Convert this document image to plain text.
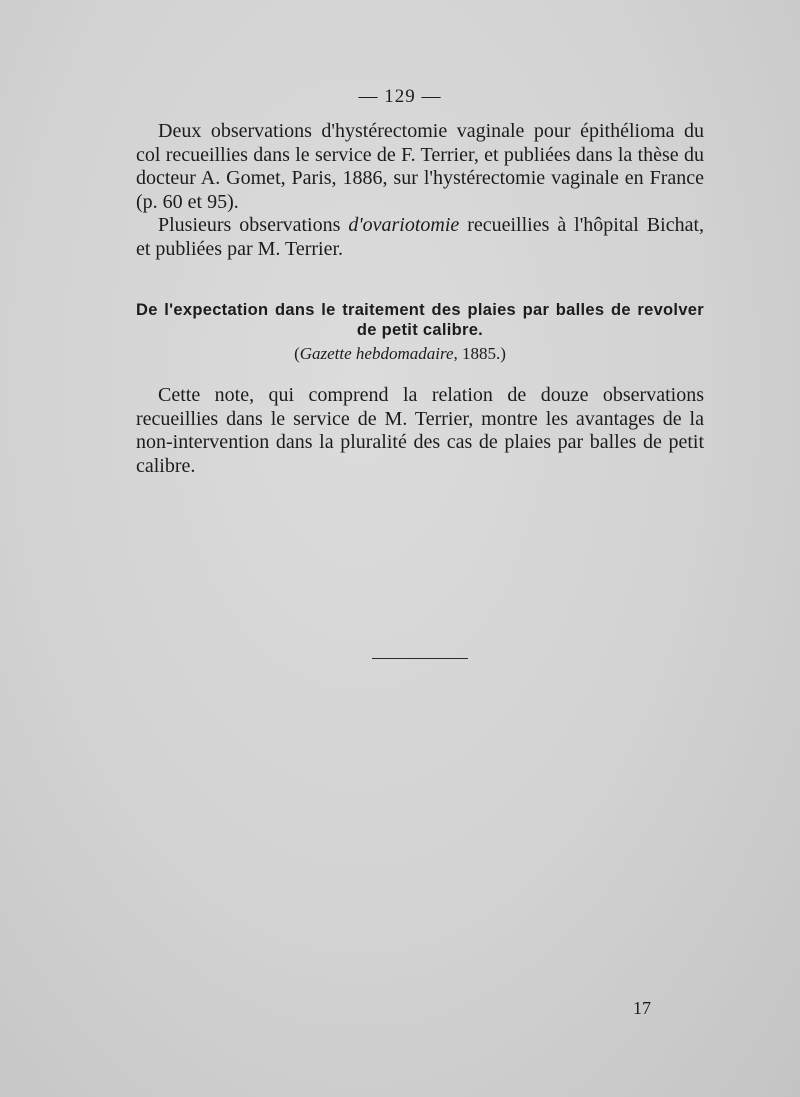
— 129 —

Deux observations d'hystérectomie vaginale pour épithélioma du col recueillies dans le service de F. Terrier, et publiées dans la thèse du docteur A. Gomet, Paris, 1886, sur l'hystérectomie vaginale en France (p. 60 et 95).

Plusieurs observations d'ovariotomie recueillies à l'hôpital Bichat, et publiées par M. Terrier.

De l'expectation dans le traitement des plaies par balles de revolver de petit calibre.
(Gazette hebdomadaire, 1885.)

Cette note, qui comprend la relation de douze observations recueillies dans le service de M. Terrier, montre les avantages de la non-intervention dans la pluralité des cas de plaies par balles de petit calibre.

17
